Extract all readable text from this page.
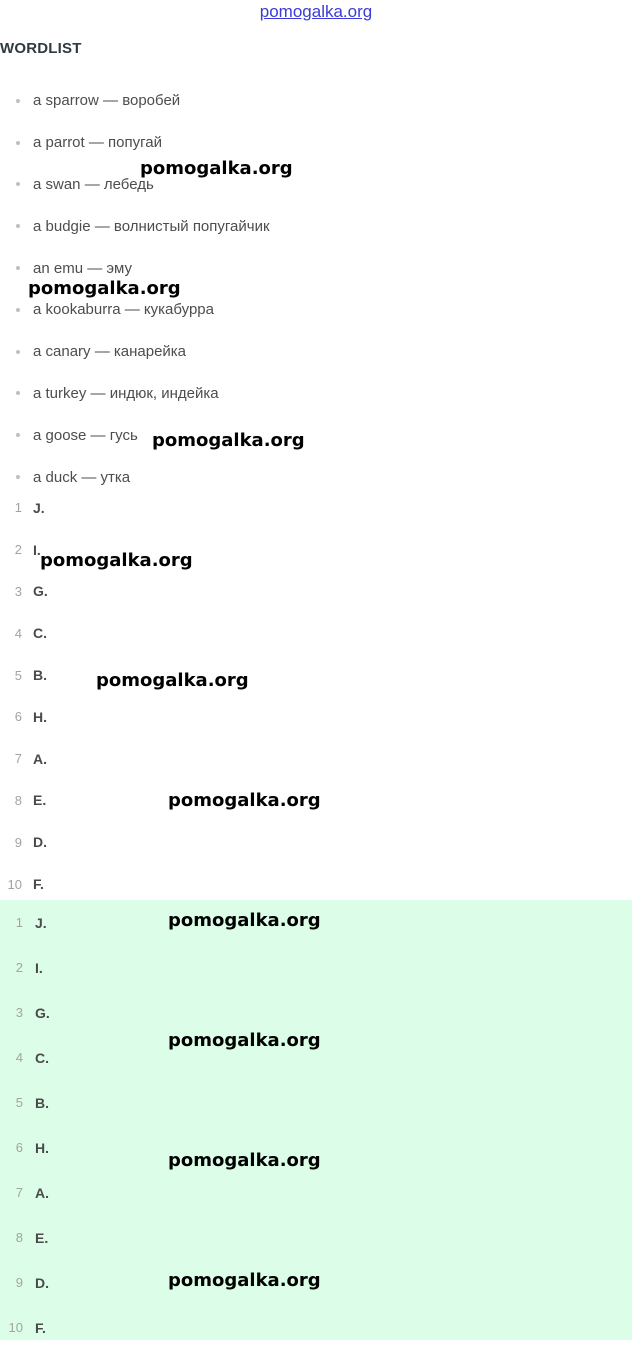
pomogalka.org
WORDLIST
a sparrow — воробей
a parrot — попугай
a swan — лебедь
a budgie — волнистый попугайчик
an emu — эму
a kookaburra — кукабурра
a canary — канарейка
a turkey — индюк, индейка
a goose — гусь
a duck — утка
1 J.
2 I.
3 G.
4 C.
5 B.
6 H.
7 A.
8 E.
9 D.
10 F.
1 J.
2 I.
3 G.
4 C.
5 B.
6 H.
7 A.
8 E.
9 D.
10 F.
pomogalka.org
pomogalka.org
pomogalka.org
pomogalka.org
pomogalka.org
pomogalka.org
pomogalka.org
pomogalka.org
pomogalka.org
pomogalka.org
